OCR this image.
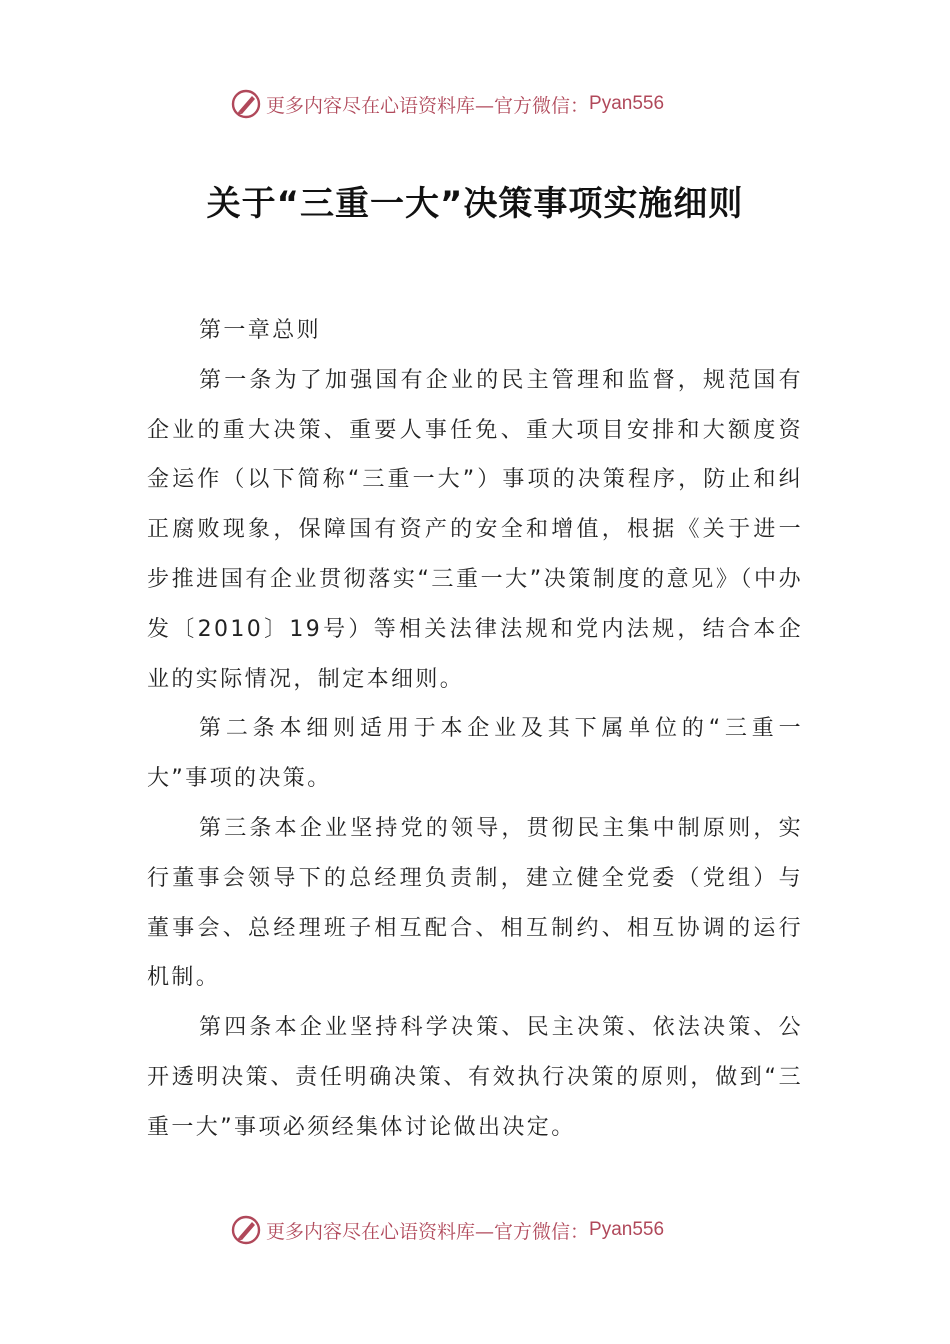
更多内容尽在心语资料库—官方微信： Pyan556
关于“三重一大”决策事项实施细则

第一章总则

第一条为了加强国有企业的民主管理和监督，规范国有企业的重大决策、重要人事任免、重大项目安排和大额度资金运作（以下简称“三重一大”）事项的决策程序，防止和纠正腐败现象，保障国有资产的安全和增值，根据《关于进一步推进国有企业贯彻落实“三重一大”决策制度的意见》（中办发〔2010〕19号）等相关法律法规和党内法规，结合本企业的实际情况，制定本细则。

第二条本细则适用于本企业及其下属单位的“三重一大”事项的决策。

第三条本企业坚持党的领导，贯彻民主集中制原则，实行董事会领导下的总经理负责制，建立健全党委（党组）与董事会、总经理班子相互配合、相互制约、相互协调的运行机制。

第四条本企业坚持科学决策、民主决策、依法决策、公开透明决策、责任明确决策、有效执行决策的原则，做到“三重一大”事项必须经集体讨论做出决定。

更多内容尽在心语资料库—官方微信： Pyan556
